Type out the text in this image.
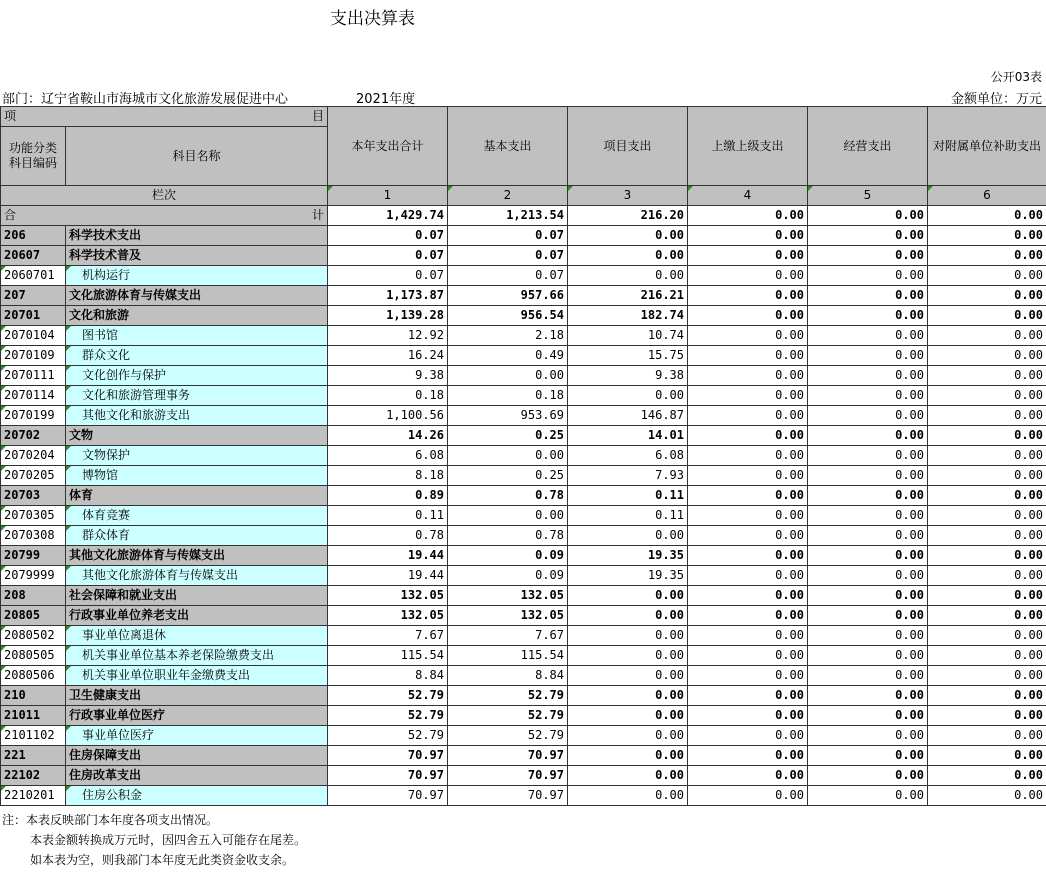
支出决算表
公开03表
部门：辽宁省鞍山市海城市文化旅游发展促进中心	2021年度	金额单位：万元
项 目		本年支出合计	基本支出	项目支出	上缴上级支出	经营支出	对附属单位补助支出
功能分类
科目编码	科目名称						
栏次		1	2	3	4	5	6

合 计		1,429.74	1,213.54	216.20	0.00	0.00	0.00
206	科学技术支出	0.07	0.07	0.00	0.00	0.00	0.00
20607	科学技术普及	0.07	0.07	0.00	0.00	0.00	0.00
2060701	机构运行	0.07	0.07	0.00	0.00	0.00	0.00
207	文化旅游体育与传媒支出	1,173.87	957.66	216.21	0.00	0.00	0.00
20701	文化和旅游	1,139.28	956.54	182.74	0.00	0.00	0.00
2070104	图书馆	12.92	2.18	10.74	0.00	0.00	0.00
2070109	群众文化	16.24	0.49	15.75	0.00	0.00	0.00
2070111	文化创作与保护	9.38	0.00	9.38	0.00	0.00	0.00
2070114	文化和旅游管理事务	0.18	0.18	0.00	0.00	0.00	0.00
2070199	其他文化和旅游支出	1,100.56	953.69	146.87	0.00	0.00	0.00
20702	文物	14.26	0.25	14.01	0.00	0.00	0.00
2070204	文物保护	6.08	0.00	6.08	0.00	0.00	0.00
2070205	博物馆	8.18	0.25	7.93	0.00	0.00	0.00
20703	体育	0.89	0.78	0.11	0.00	0.00	0.00
2070305	体育竞赛	0.11	0.00	0.11	0.00	0.00	0.00
2070308	群众体育	0.78	0.78	0.00	0.00	0.00	0.00
20799	其他文化旅游体育与传媒支出	19.44	0.09	19.35	0.00	0.00	0.00
2079999	其他文化旅游体育与传媒支出	19.44	0.09	19.35	0.00	0.00	0.00
208	社会保障和就业支出	132.05	132.05	0.00	0.00	0.00	0.00
20805	行政事业单位养老支出	132.05	132.05	0.00	0.00	0.00	0.00
2080502	事业单位离退休	7.67	7.67	0.00	0.00	0.00	0.00
2080505	机关事业单位基本养老保险缴费支出	115.54	115.54	0.00	0.00	0.00	0.00
2080506	机关事业单位职业年金缴费支出	8.84	8.84	0.00	0.00	0.00	0.00
210	卫生健康支出	52.79	52.79	0.00	0.00	0.00	0.00
21011	行政事业单位医疗	52.79	52.79	0.00	0.00	0.00	0.00
2101102	事业单位医疗	52.79	52.79	0.00	0.00	0.00	0.00
221	住房保障支出	70.97	70.97	0.00	0.00	0.00	0.00
22102	住房改革支出	70.97	70.97	0.00	0.00	0.00	0.00
2210201	住房公积金	70.97	70.97	0.00	0.00	0.00	0.00
注：本表反映部门本年度各项支出情况。
本表金额转换成万元时，因四舍五入可能存在尾差。
如本表为空，则我部门本年度无此类资金收支余。
